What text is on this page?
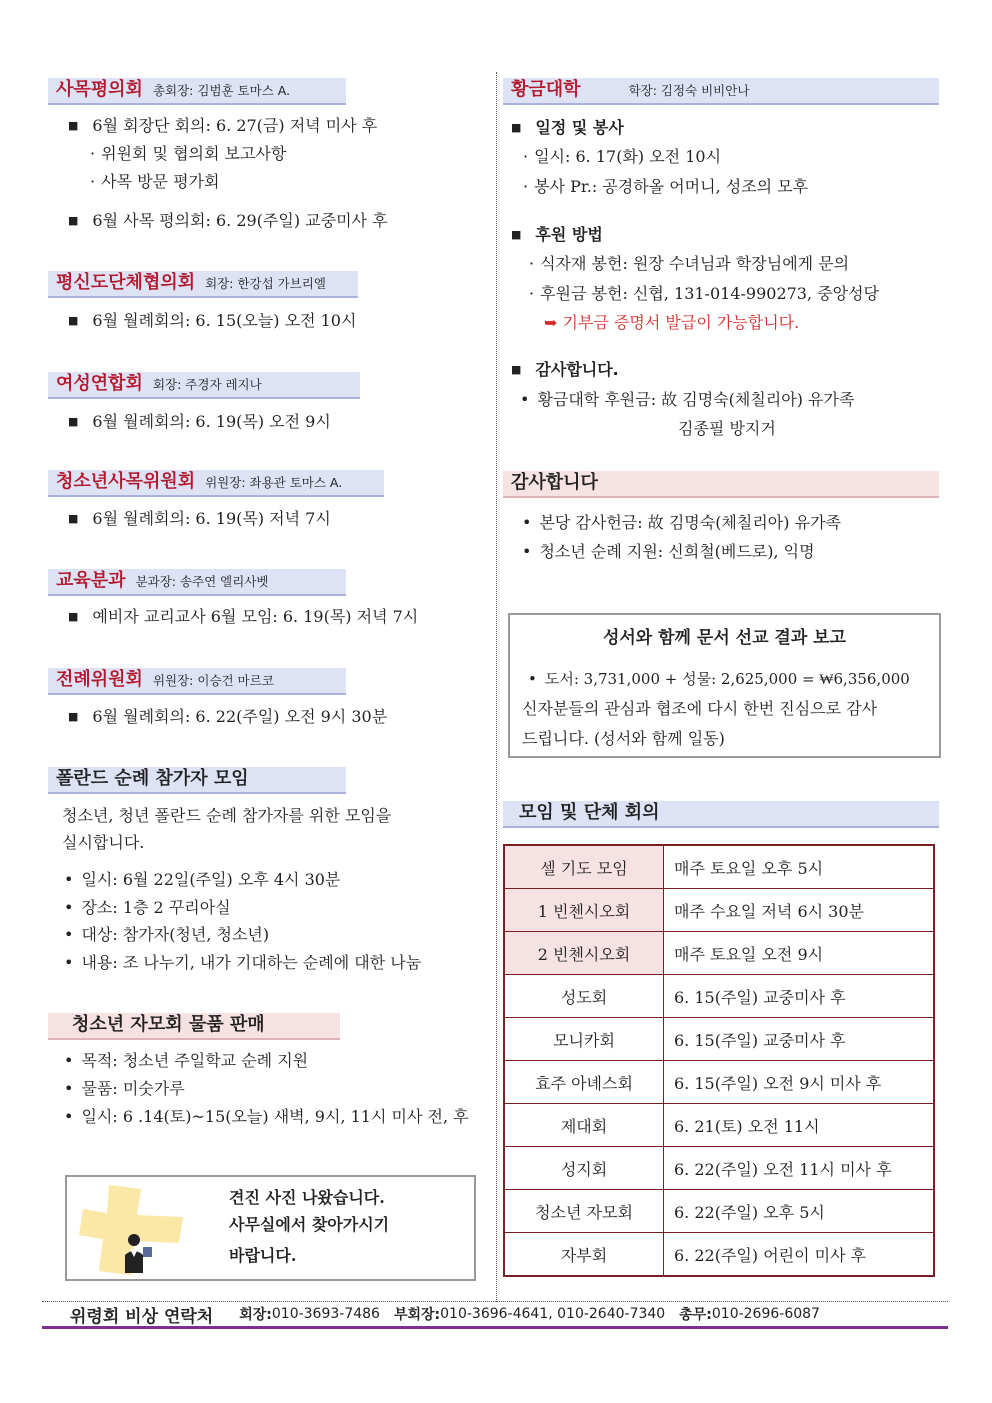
사목평의회 총회장: 김범훈 토마스 A.
■ 6월 회장단 회의: 6. 27(금) 저녁 미사 후
· 위원회 및 협의회 보고사항
· 사목 방문 평가회
■ 6월 사목 평의회: 6. 29(주일) 교중미사 후
평신도단체협의회 회장: 한강섭 가브리엘
■ 6월 월례회의: 6. 15(오늘) 오전 10시
여성연합회 회장: 주경자 레지나
■ 6월 월례회의: 6. 19(목) 오전 9시
청소년사목위원회 위원장: 좌용관 토마스 A.
■ 6월 월례회의: 6. 19(목) 저녁 7시
교육분과 분과장: 송주연 엘리사벳
■ 예비자 교리교사 6월 모임: 6. 19(목) 저녁 7시
전례위원회 위원장: 이승건 마르코
■ 6월 월례회의: 6. 22(주일) 오전 9시 30분
폴란드 순례 참가자 모임
청소년, 청년 폴란드 순례 참가자를 위한 모임을
실시합니다.
• 일시: 6월 22일(주일) 오후 4시 30분
• 장소: 1층 2 꾸리아실
• 대상: 참가자(청년, 청소년)
• 내용: 조 나누기, 내가 기대하는 순례에 대한 나눔
청소년 자모회 물품 판매
• 목적: 청소년 주일학교 순례 지원
• 물품: 미숫가루
• 일시: 6 .14(토)~15(오늘) 새벽, 9시, 11시 미사 전, 후
견진 사진 나왔습니다.
사무실에서 찾아가시기
바랍니다.
황금대학	학장: 김정숙 비비안나
■ 일정 및 봉사
· 일시: 6. 17(화) 오전 10시
· 봉사 Pr.: 공경하올 어머니, 성조의 모후
■ 후원 방법
· 식자재 봉헌: 원장 수녀님과 학장님에게 문의
· 후원금 봉헌: 신협, 131-014-990273, 중앙성당
➥ 기부금 증명서 발급이 가능합니다.
■ 감사합니다.
• 황금대학 후원금: 故 김명숙(체칠리아) 유가족
김종필 방지거
감사합니다
• 본당 감사헌금: 故 김명숙(체칠리아) 유가족
• 청소년 순례 지원: 신희철(베드로), 익명
성서와 함께 문서 선교 결과 보고
• 도서: 3,731,000 + 성물: 2,625,000 = ₩6,356,000
신자분들의 관심과 협조에 다시 한번 진심으로 감사
드립니다. (성서와 함께 일동)
모임 및 단체 회의
셀 기도 모임	매주 토요일 오후 5시
1 빈첸시오회	매주 수요일 저녁 6시 30분
2 빈첸시오회	매주 토요일 오전 9시
성도회	6. 15(주일) 교중미사 후
모니카회	6. 15(주일) 교중미사 후
효주 아녜스회	6. 15(주일) 오전 9시 미사 후
제대회	6. 21(토) 오전 11시
성지회	6. 22(주일) 오전 11시 미사 후
청소년 자모회	6. 22(주일) 오후 5시
자부회	6. 22(주일) 어린이 미사 후
위령회 비상 연락처 회장: 010-3693-7486 부회장: 010-3696-4641, 010-2640-7340 총무: 010-2696-6087
